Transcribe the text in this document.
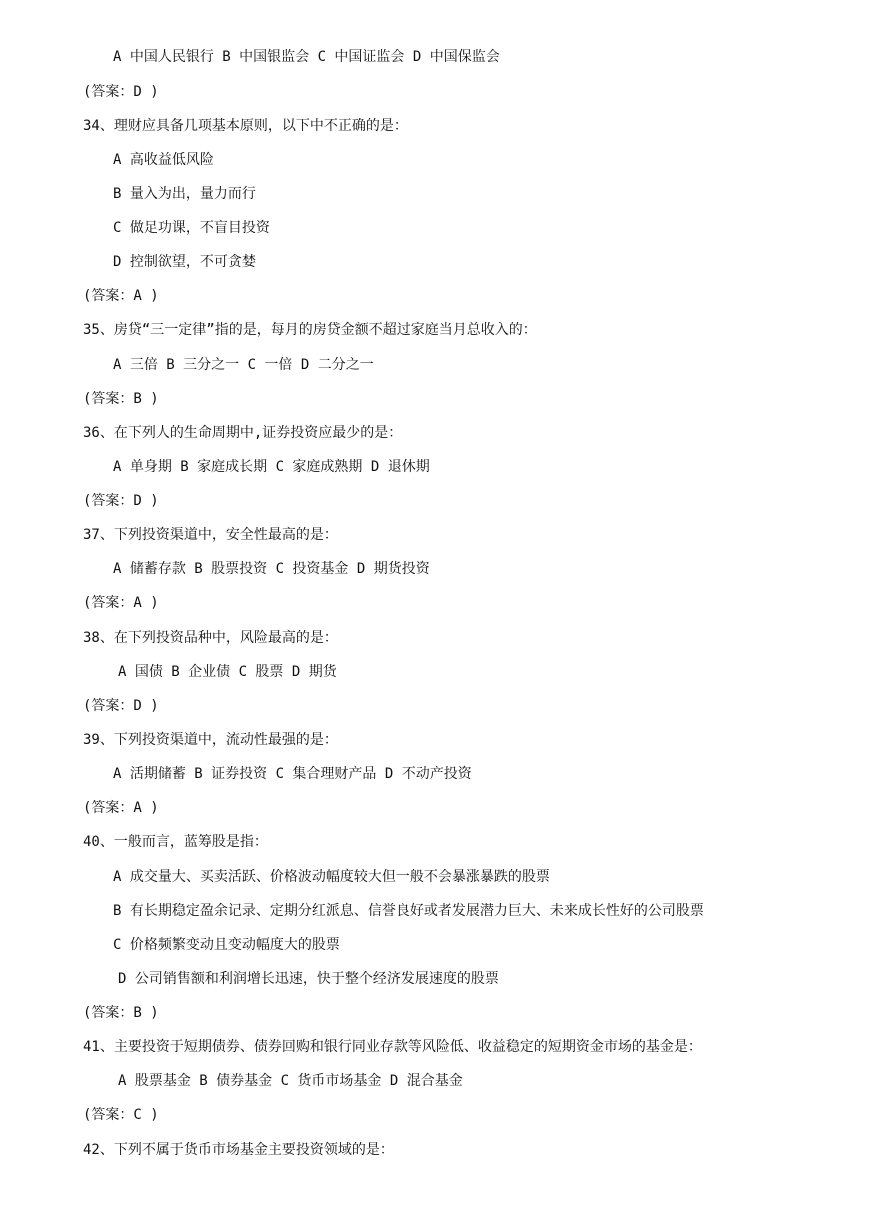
A 中国人民银行 B 中国银监会 C 中国证监会 D 中国保监会
(答案：D )
34、理财应具备几项基本原则，以下中不正确的是：
A 高收益低风险
B 量入为出，量力而行
C 做足功课，不盲目投资
D 控制欲望，不可贪婪
(答案：A )
35、房贷“三一定律”指的是，每月的房贷金额不超过家庭当月总收入的：
A 三倍 B 三分之一 C 一倍 D 二分之一
(答案：B )
36、在下列人的生命周期中,证券投资应最少的是：
A 单身期 B 家庭成长期 C 家庭成熟期 D 退休期
(答案：D )
37、下列投资渠道中，安全性最高的是：
A 储蓄存款 B 股票投资 C 投资基金 D 期货投资
(答案：A )
38、在下列投资品种中，风险最高的是：
A 国债 B 企业债 C 股票 D 期货
(答案：D )
39、下列投资渠道中，流动性最强的是：
A 活期储蓄 B 证券投资 C 集合理财产品 D 不动产投资
(答案：A )
40、一般而言，蓝筹股是指：
A 成交量大、买卖活跃、价格波动幅度较大但一般不会暴涨暴跌的股票
B 有长期稳定盈余记录、定期分红派息、信誉良好或者发展潜力巨大、未来成长性好的公司股票
C 价格频繁变动且变动幅度大的股票
D 公司销售额和利润增长迅速，快于整个经济发展速度的股票
(答案：B )
41、主要投资于短期债券、债券回购和银行同业存款等风险低、收益稳定的短期资金市场的基金是：
A 股票基金 B 债券基金 C 货币市场基金 D 混合基金
(答案：C )
42、下列不属于货币市场基金主要投资领域的是：
